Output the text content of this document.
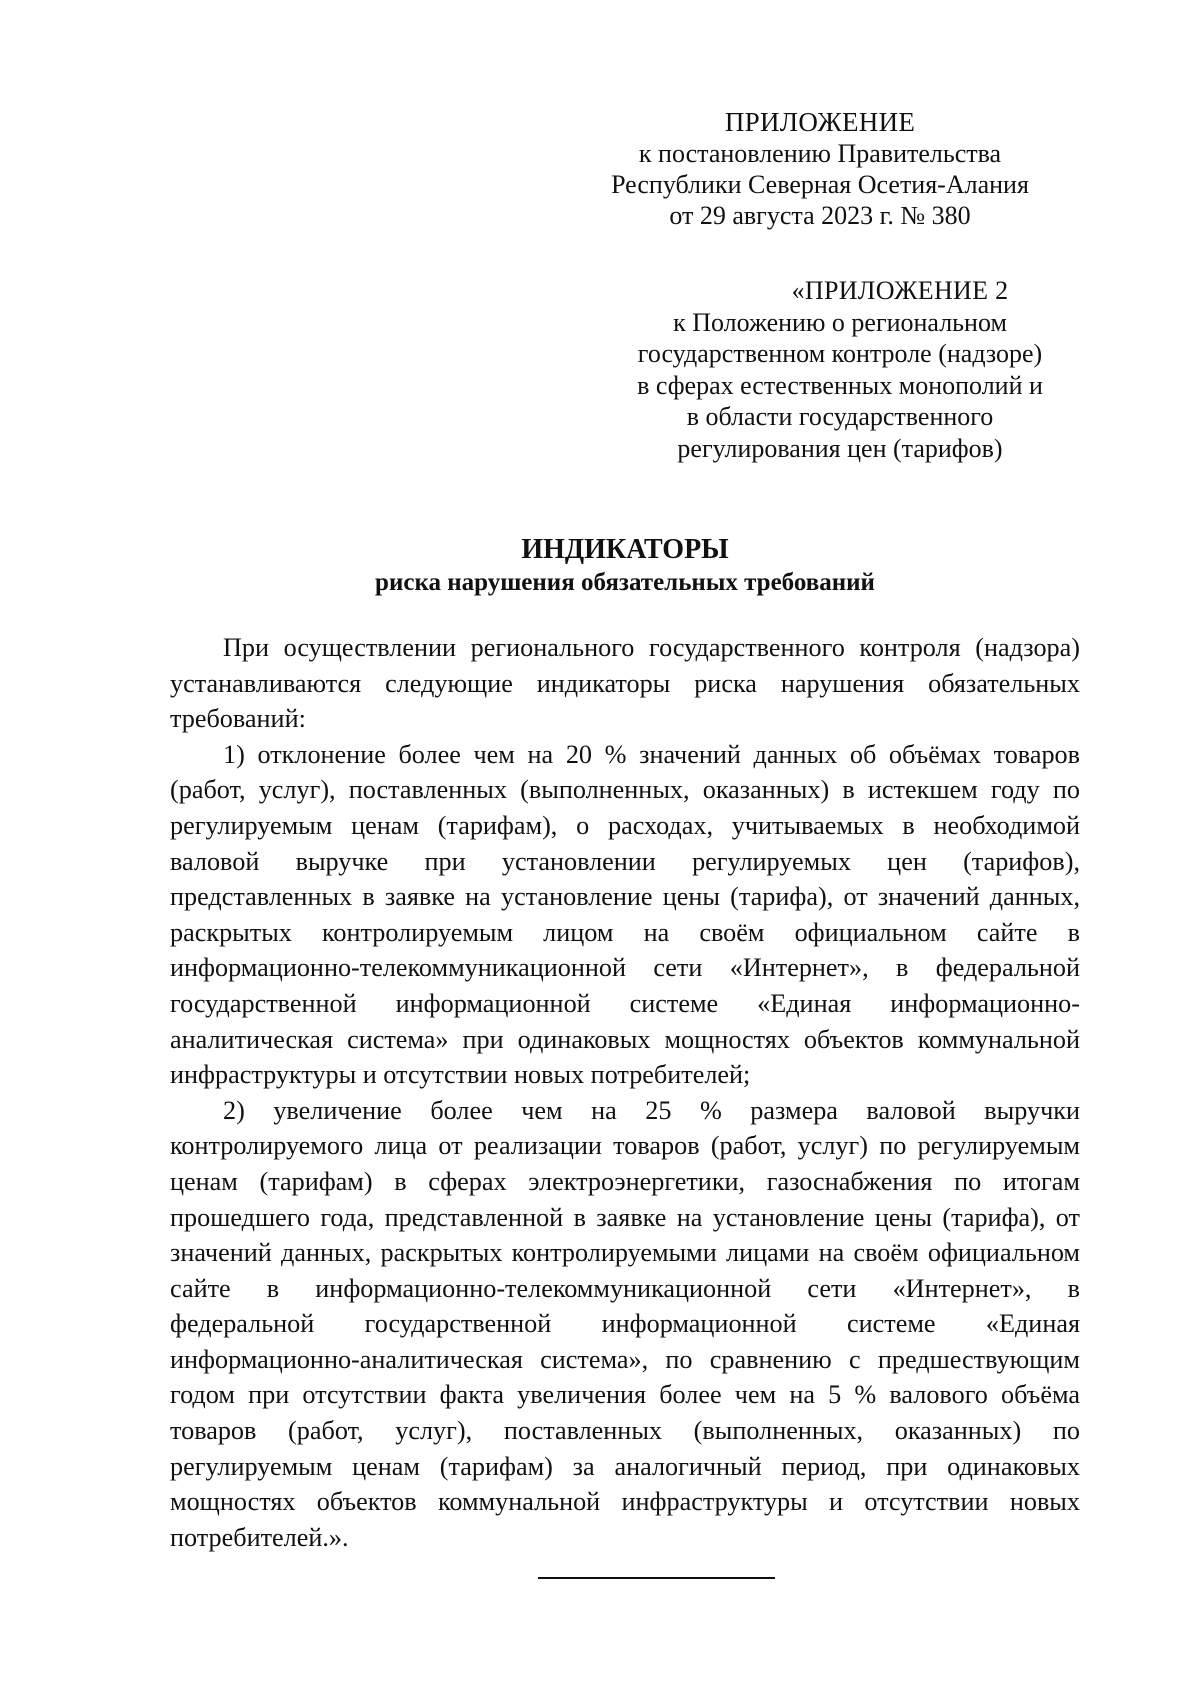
ПРИЛОЖЕНИЕ
к постановлению Правительства
Республики Северная Осетия-Алания
от 29 августа 2023 г. № 380
«ПРИЛОЖЕНИЕ 2
к Положению о региональном
государственном контроле (надзоре)
в сферах естественных монополий и
в области государственного
регулирования цен (тарифов)
ИНДИКАТОРЫ
риска нарушения обязательных требований

При осуществлении регионального государственного контроля (надзора) устанавливаются следующие индикаторы риска нарушения обязательных требований:

1) отклонение более чем на 20 % значений данных об объёмах товаров (работ, услуг), поставленных (выполненных, оказанных) в истекшем году по регулируемым ценам (тарифам), о расходах, учитываемых в необходимой валовой выручке при установлении регулируемых цен (тарифов), представленных в заявке на установление цены (тарифа), от значений данных, раскрытых контролируемым лицом на своём официальном сайте в информационно-телекоммуникационной сети «Интернет», в федеральной государственной информационной системе «Единая информационно-аналитическая система» при одинаковых мощностях объектов коммунальной инфраструктуры и отсутствии новых потребителей;

2) увеличение более чем на 25 % размера валовой выручки контролируемого лица от реализации товаров (работ, услуг) по регулируемым ценам (тарифам) в сферах электроэнергетики, газоснабжения по итогам прошедшего года, представленной в заявке на установление цены (тарифа), от значений данных, раскрытых контролируемыми лицами на своём официальном сайте в информационно-телекоммуникационной сети «Интернет», в федеральной государственной информационной системе «Единая информационно-аналитическая система», по сравнению с предшествующим годом при отсутствии факта увеличения более чем на 5 % валового объёма товаров (работ, услуг), поставленных (выполненных, оказанных) по регулируемым ценам (тарифам) за аналогичный период, при одинаковых мощностях объектов коммунальной инфраструктуры и отсутствии новых потребителей.».
